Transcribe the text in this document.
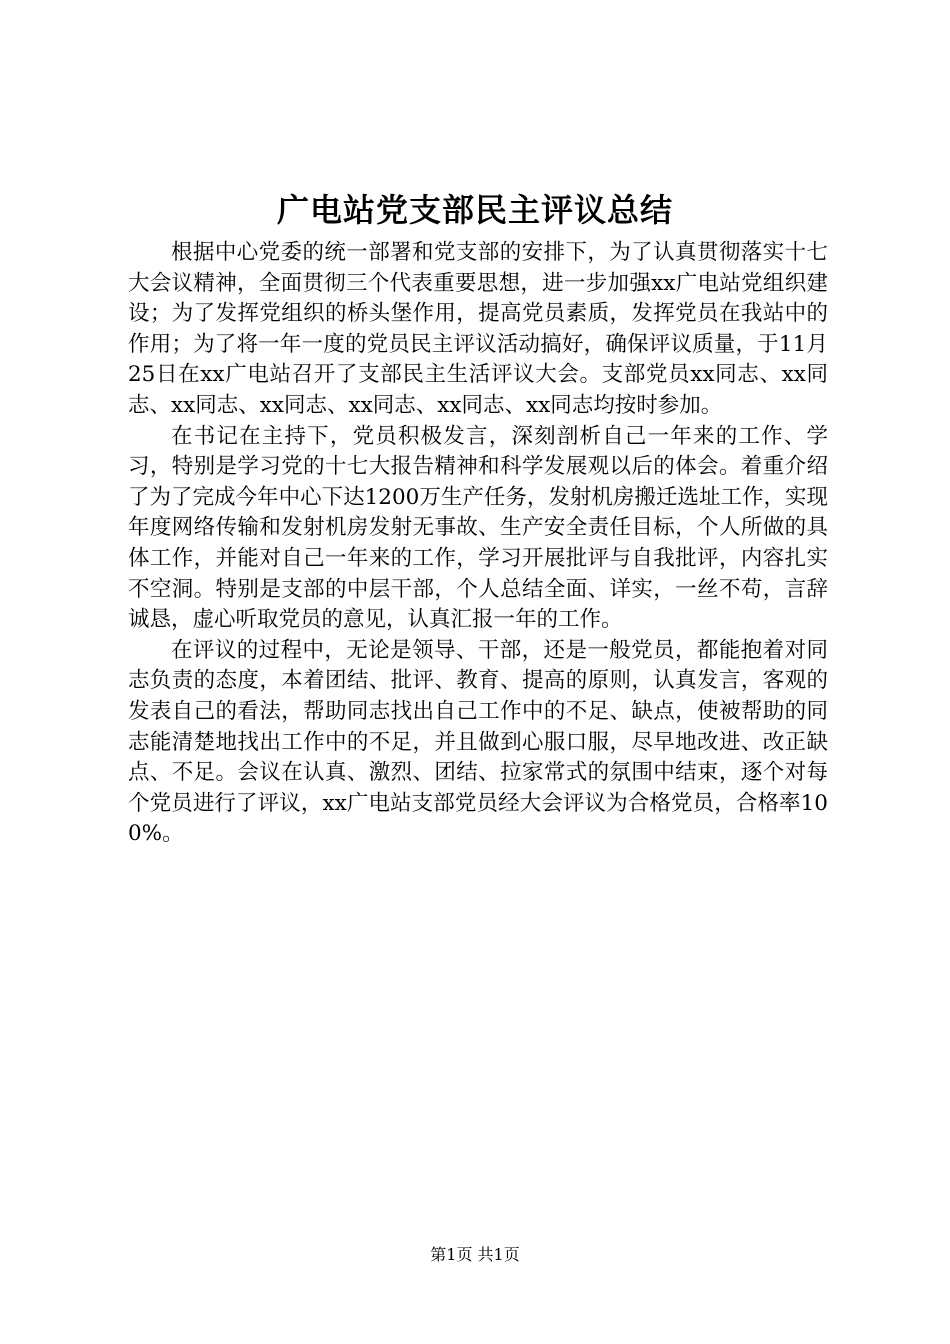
广电站党支部民主评议总结

根据中心党委的统一部署和党支部的安排下，为了认真贯彻落实十七大会议精神，全面贯彻三个代表重要思想，进一步加强xx广电站党组织建设；为了发挥党组织的桥头堡作用，提高党员素质，发挥党员在我站中的作用；为了将一年一度的党员民主评议活动搞好，确保评议质量，于11月25日在xx广电站召开了支部民主生活评议大会。支部党员xx同志、xx同志、xx同志、xx同志、xx同志、xx同志、xx同志均按时参加。

在书记在主持下，党员积极发言，深刻剖析自己一年来的工作、学习，特别是学习党的十七大报告精神和科学发展观以后的体会。着重介绍了为了完成今年中心下达1200万生产任务，发射机房搬迁选址工作，实现年度网络传输和发射机房发射无事故、生产安全责任目标，个人所做的具体工作，并能对自己一年来的工作，学习开展批评与自我批评，内容扎实不空洞。特别是支部的中层干部，个人总结全面、详实，一丝不苟，言辞诚恳，虚心听取党员的意见，认真汇报一年的工作。

在评议的过程中，无论是领导、干部，还是一般党员，都能抱着对同志负责的态度，本着团结、批评、教育、提高的原则，认真发言，客观的发表自己的看法，帮助同志找出自己工作中的不足、缺点，使被帮助的同志能清楚地找出工作中的不足，并且做到心服口服，尽早地改进、改正缺点、不足。会议在认真、激烈、团结、拉家常式的氛围中结束，逐个对每个党员进行了评议，xx广电站支部党员经大会评议为合格党员，合格率100%。

第1页 共1页
